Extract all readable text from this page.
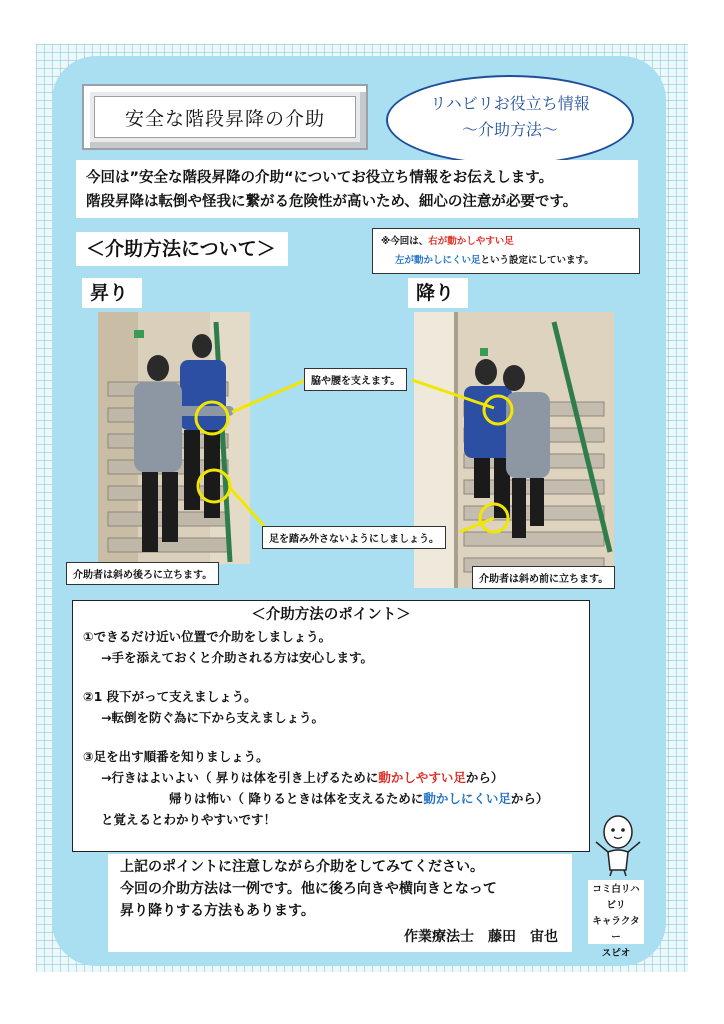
安全な階段昇降の介助
リハビリお役立ち情報
～介助方法～
今回は”安全な階段昇降の介助“についてお役立ち情報をお伝えします。
階段昇降は転倒や怪我に繋がる危険性が高いため、細心の注意が必要です。
＜介助方法について＞	※今回は、右が動かしやすい足
左が動かしにくい足という設定にしています。
昇り	降り
脇や腰を支えます。
足を踏み外さないようにしましょう。
介助者は斜め後ろに立ちます。	介助者は斜め前に立ちます。
＜介助方法のポイント＞
①できるだけ近い位置で介助をしましょう。
→手を添えておくと介助される方は安心します。
②1 段下がって支えましょう。
→転倒を防ぐ為に下から支えましょう。
③足を出す順番を知りましょう。
→行きはよいよい（ 昇りは体を引き上げるために動かしやすい足から）
帰りは怖い（ 降りるときは体を支えるために動かしにくい足から）
と覚えるとわかりやすいです！
上記のポイントに注意しながら介助をしてみてください。
今回の介助方法は一例です。他に後ろ向きや横向きとなって
昇り降りする方法もあります。
作業療法士　藤田　宙也
コミ白リハビリ
キャラクター
スピオ
